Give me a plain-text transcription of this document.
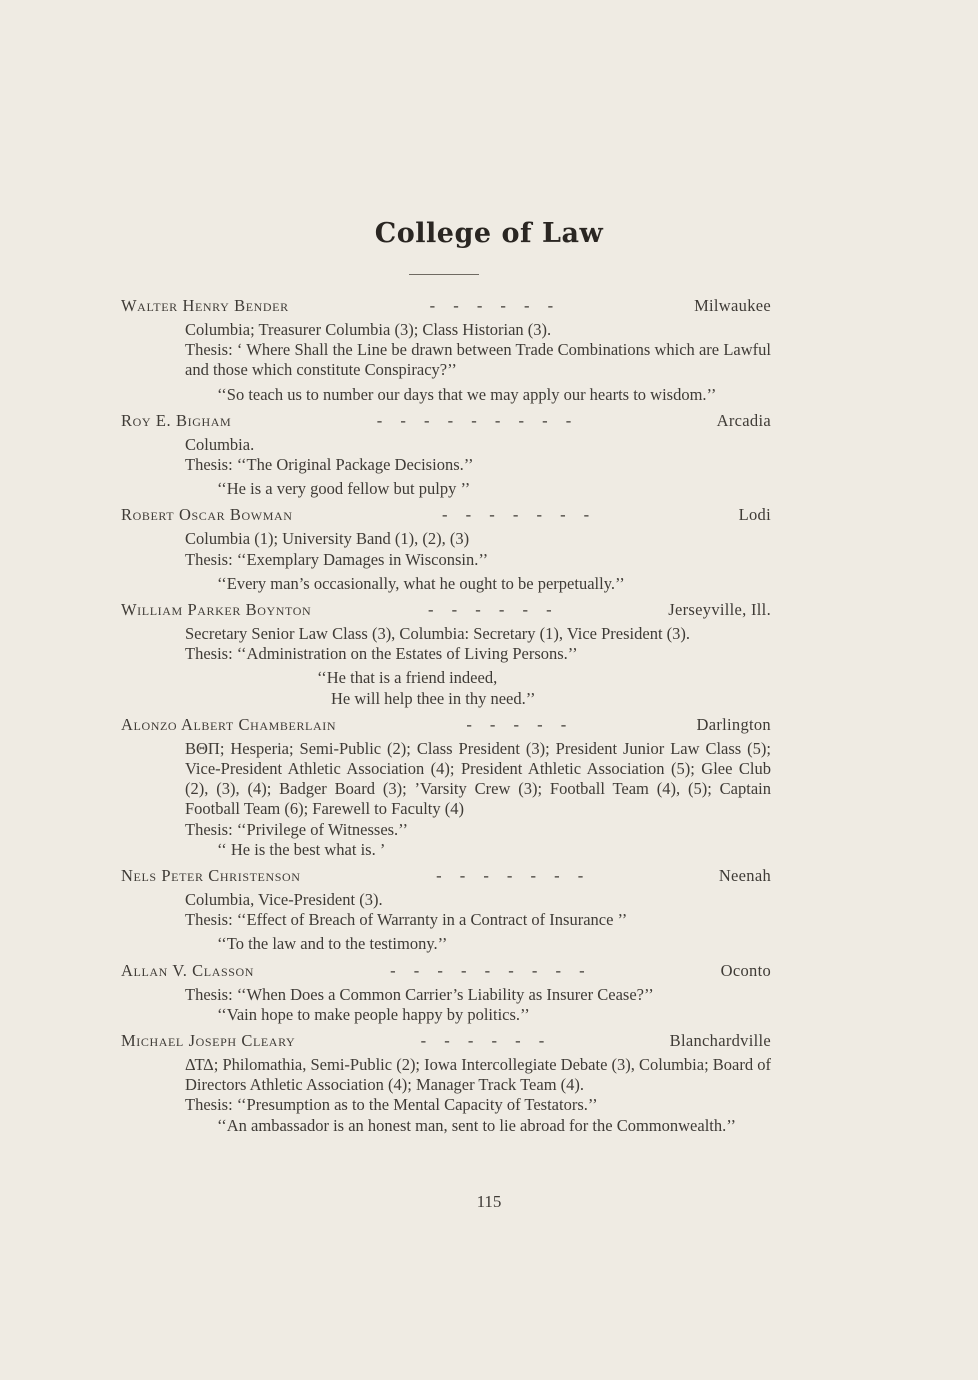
College of Law
Walter Henry Bender	- - - - - -	Milwaukee
Columbia; Treasurer Columbia (3); Class Historian (3).
Thesis: ‘ Where Shall the Line be drawn between Trade Combinations which are Lawful and those which constitute Conspiracy?’’
‘‘So teach us to number our days that we may apply our hearts to wisdom.’’
Roy E. Bigham	- - - - - - - - -	Arcadia
Columbia.
Thesis: ‘‘The Original Package Decisions.’’
‘‘He is a very good fellow but pulpy ’’
Robert Oscar Bowman	- - - - - - -	Lodi
Columbia (1); University Band (1), (2), (3)
Thesis: ‘‘Exemplary Damages in Wisconsin.’’
‘‘Every man’s occasionally, what he ought to be perpetually.’’
William Parker Boynton	- - - - - -	Jerseyville, Ill.
Secretary Senior Law Class (3), Columbia: Secretary (1), Vice President (3).
Thesis: ‘‘Administration on the Estates of Living Persons.’’
‘‘He that is a friend indeed,
He will help thee in thy need.’’
Alonzo Albert Chamberlain	- - - - -	Darlington
ΒΘΠ; Hesperia; Semi-Public (2); Class President (3); President Junior Law Class (5); Vice-President Athletic Association (4); President Athletic Association (5); Glee Club (2), (3), (4); Badger Board (3); ’Varsity Crew (3); Football Team (4), (5); Captain Football Team (6); Farewell to Faculty (4)
Thesis: ‘‘Privilege of Witnesses.’’
‘‘ He is the best what is. ’
Nels Peter Christenson	- - - - - - -	Neenah
Columbia, Vice-President (3).
Thesis: ‘‘Effect of Breach of Warranty in a Contract of Insurance ’’
‘‘To the law and to the testimony.’’
Allan V. Classon	- - - - - - - - -	Oconto
Thesis: ‘‘When Does a Common Carrier’s Liability as Insurer Cease?’’
‘‘Vain hope to make people happy by politics.’’
Michael Joseph Cleary	- - - - - -	Blanchardville
ΔΤΔ; Philomathia, Semi-Public (2); Iowa Intercollegiate Debate (3), Columbia; Board of Directors Athletic Association (4); Manager Track Team (4).
Thesis: ‘‘Presumption as to the Mental Capacity of Testators.’’
‘‘An ambassador is an honest man, sent to lie abroad for the Commonwealth.’’
115
